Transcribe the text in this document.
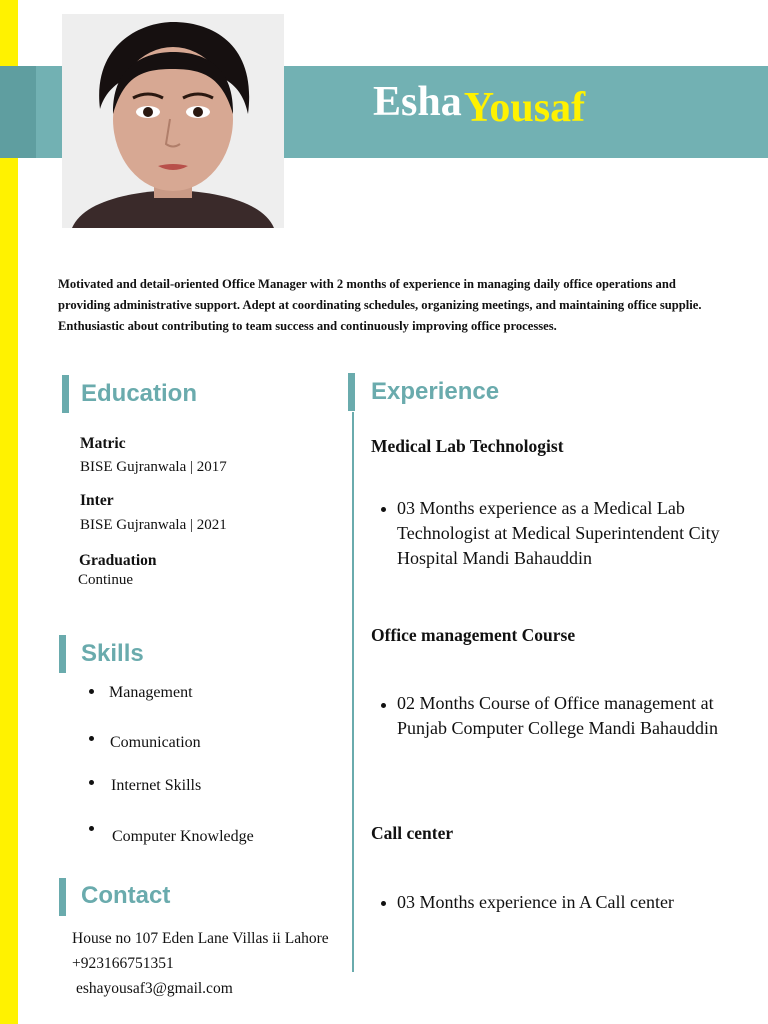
EshaYousaf
Motivated and detail-oriented Office Manager with 2 months of experience in managing daily office operations and providing administrative support. Adept at coordinating schedules, organizing meetings, and maintaining office supplie. Enthusiastic about contributing to team success and continuously improving office processes.
Education
Matric
BISE Gujranwala | 2017
Inter
BISE Gujranwala | 2021
Graduation
Continue
Skills
Management
Comunication
Internet Skills
Computer Knowledge
Contact
House no 107 Eden Lane Villas ii Lahore
+923166751351
eshayousaf3@gmail.com
Experience
Medical Lab Technologist
03 Months experience as a Medical Lab Technologist at Medical Superintendent City Hospital Mandi Bahauddin
Office management Course
02 Months Course of Office management at Punjab Computer College Mandi Bahauddin
Call center
03 Months experience in A Call center
